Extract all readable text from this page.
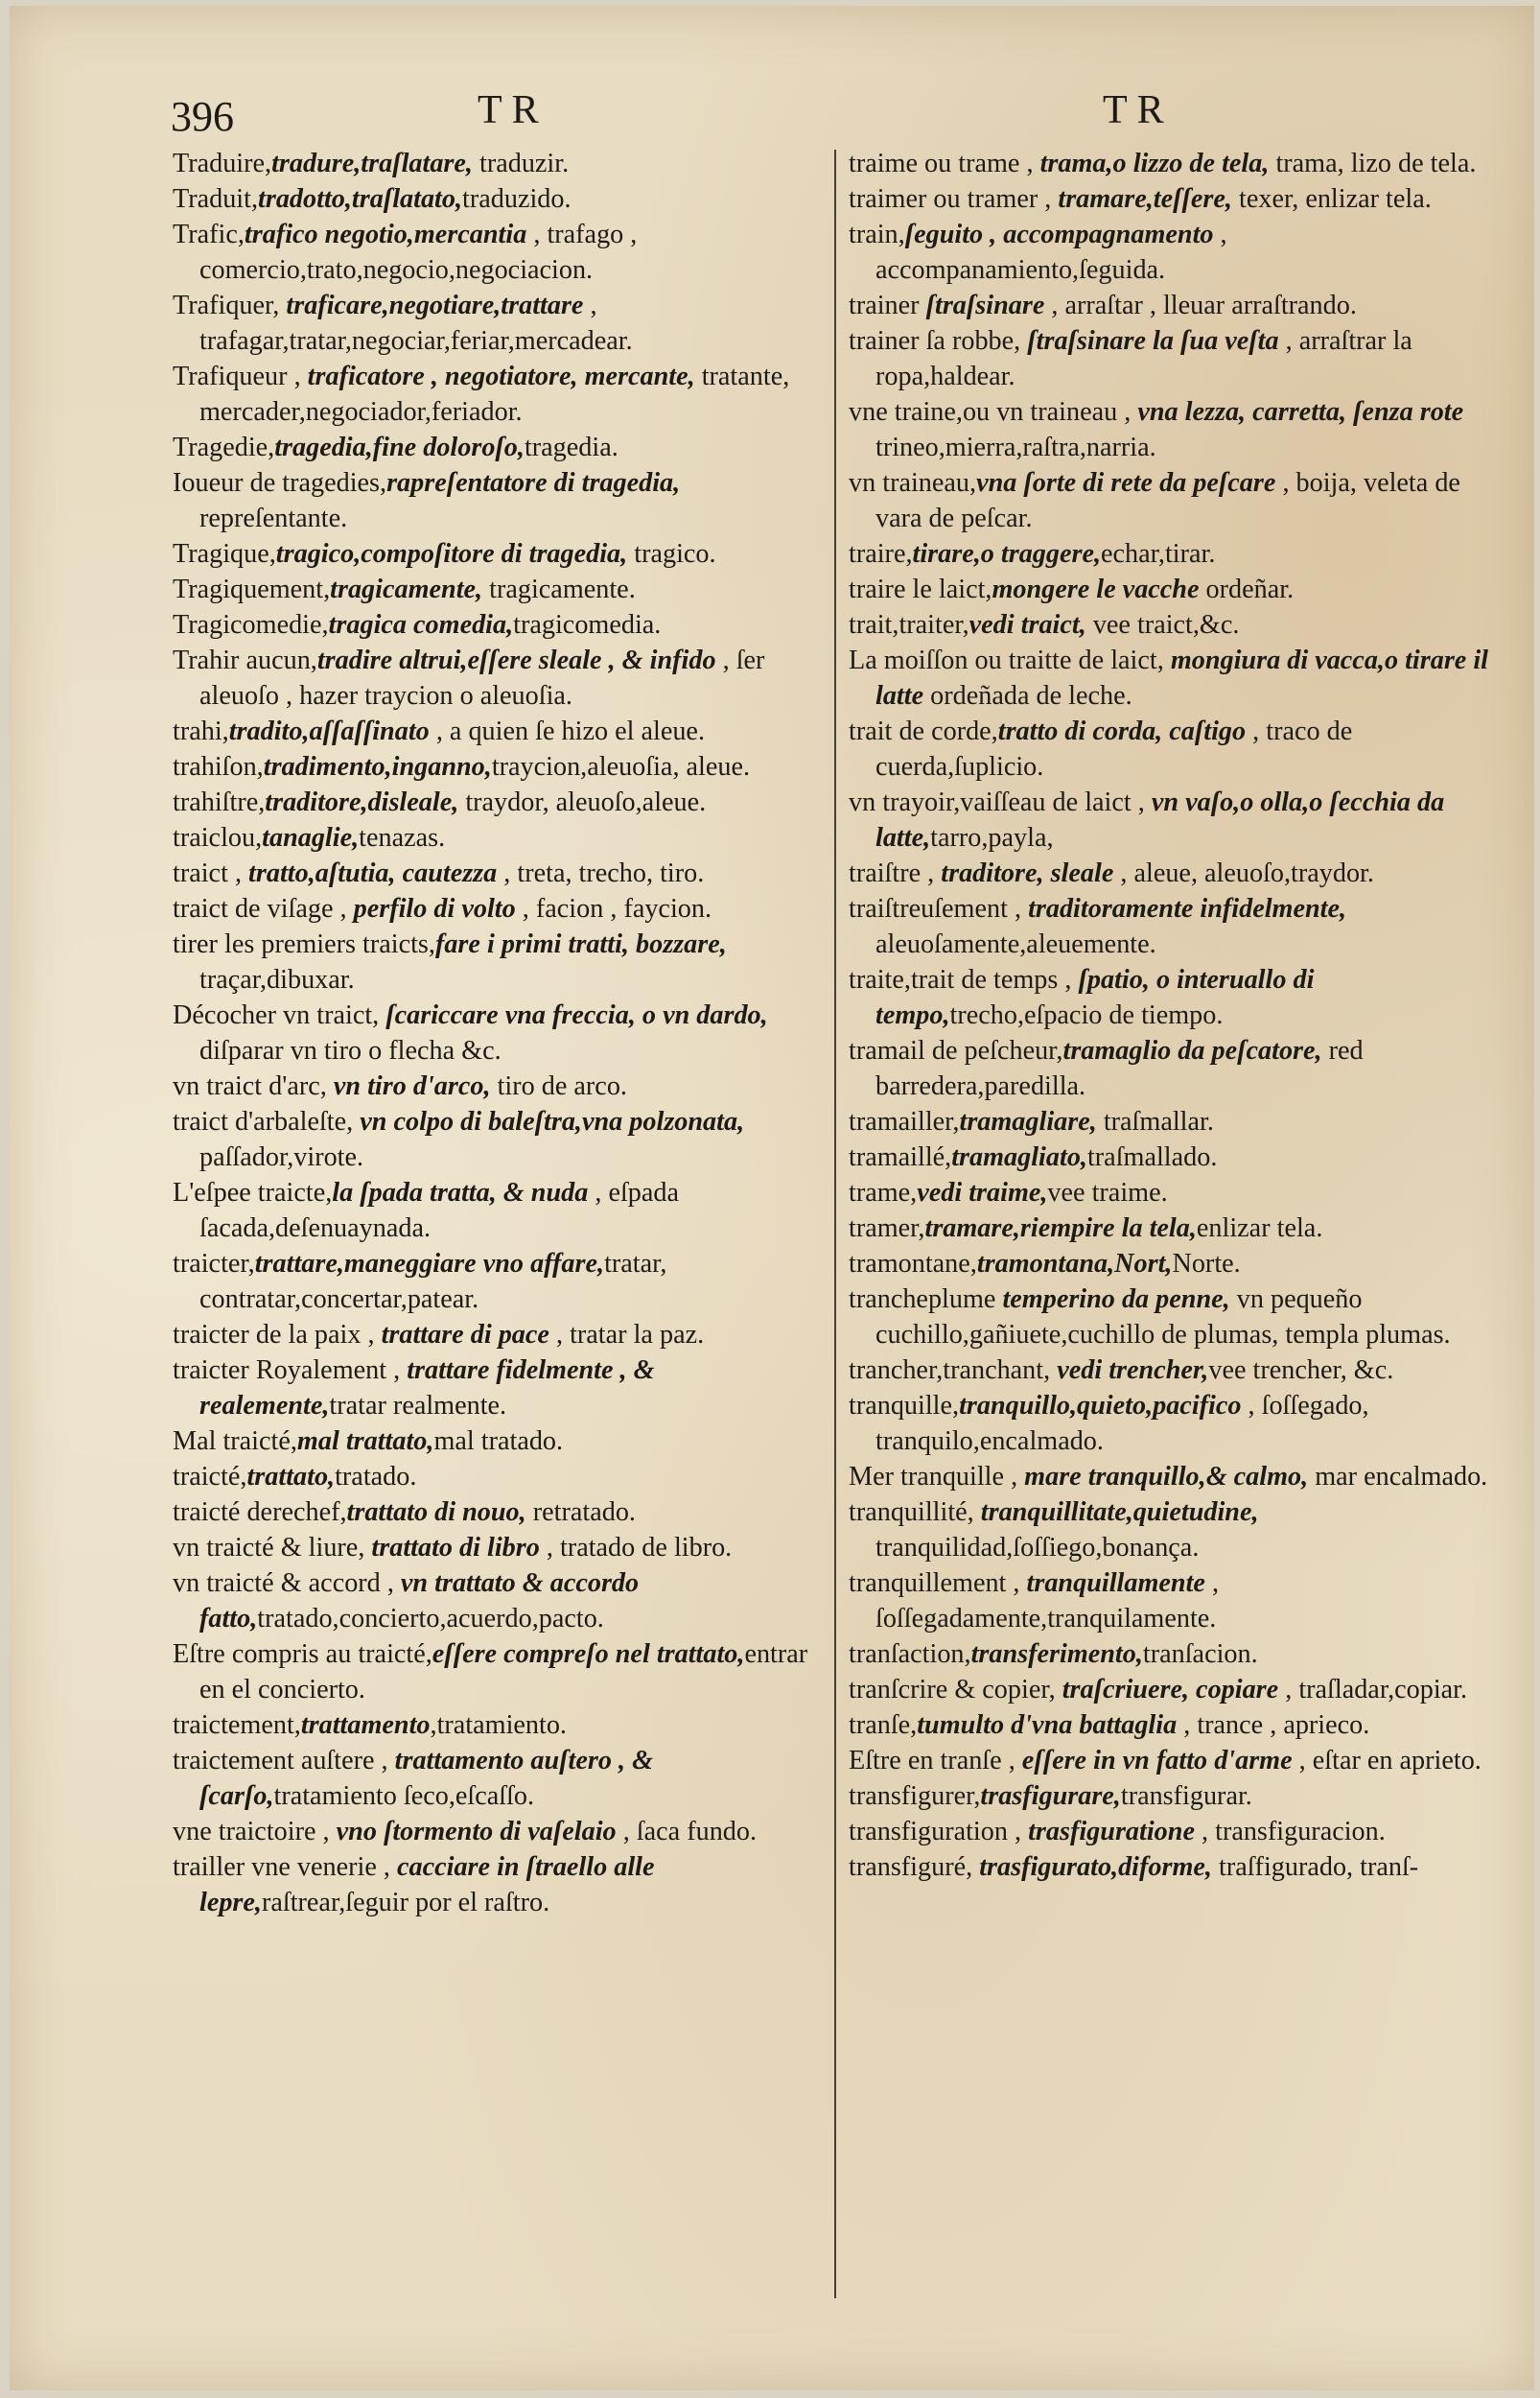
396	TR	TR

Traduire,tradure,traſlatare, traduzir.

Traduit,tradotto,traſlatato,traduzido.

Trafic,trafico negotio,mercantia , trafago , comercio,trato,negocio,negociacion.

Trafiquer, traficare,negotiare,trattare , trafagar,tratar,negociar,feriar,mercadear.

Trafiqueur , traficatore , negotiatore, mercante, tratante, mercader,negociador,feriador.

Tragedie,tragedia,fine doloroſo,tragedia.

Ioueur de tragedies,rapreſentatore di tragedia, repreſentante.

Tragique,tragico,compoſitore di tragedia, tragico.

Tragiquement,tragicamente, tragicamente.

Tragicomedie,tragica comedia,tragicomedia.

Trahir aucun,tradire altrui,eſſere sleale , & infido , ſer aleuoſo , hazer traycion o aleuoſia.

trahi,tradito,aſſaſſinato , a quien ſe hizo el aleue.

trahiſon,tradimento,inganno,traycion,aleuoſia, aleue.

trahiſtre,traditore,disleale, traydor, aleuoſo,aleue.

traiclou,tanaglie,tenazas.

traict , tratto,aſtutia, cautezza , treta, trecho, tiro.

traict de viſage , perfilo di volto , facion , faycion.

tirer les premiers traicts,fare i primi tratti, bozzare, traçar,dibuxar.

Décocher vn traict, ſcariccare vna freccia, o vn dardo, diſparar vn tiro o flecha &c.

vn traict d'arc, vn tiro d'arco, tiro de arco.

traict d'arbaleſte, vn colpo di baleſtra,vna polzonata, paſſador,virote.

L'eſpee traicte,la ſpada tratta, & nuda , eſpada ſacada,deſenuaynada.

traicter,trattare,maneggiare vno affare,tratar, contratar,concertar,patear.

traicter de la paix , trattare di pace , tratar la paz.

traicter Royalement , trattare fidelmente , & realemente,tratar realmente.

Mal traicté,mal trattato,mal tratado.

traicté,trattato,tratado.

traicté derechef,trattato di nouo, retratado.

vn traicté & liure, trattato di libro , tratado de libro.

vn traicté & accord , vn trattato & accordo fatto,tratado,concierto,acuerdo,pacto.

Eſtre compris au traicté,eſſere compreſo nel trattato,entrar en el concierto.

traictement,trattamento,tratamiento.

traictement auſtere , trattamento auſtero , & ſcarſo,tratamiento ſeco,eſcaſſo.

vne traictoire , vno ſtormento di vaſelaio , ſaca fundo.

trailler vne venerie , cacciare in ſtraello alle lepre,raſtrear,ſeguir por el raſtro.

traime ou trame , trama,o lizzo de tela, trama, lizo de tela.

traimer ou tramer , tramare,teſſere, texer, enlizar tela.

train,ſeguito , accompagnamento , accompanamiento,ſeguida.

trainer ſtraſsinare , arraſtar , lleuar arraſtrando.

trainer ſa robbe, ſtraſsinare la ſua veſta , arraſtrar la ropa,haldear.

vne traine,ou vn traineau , vna lezza, carretta, ſenza rote trineo,mierra,raſtra,narria.

vn traineau,vna ſorte di rete da peſcare , boija, veleta de vara de peſcar.

traire,tirare,o traggere,echar,tirar.

traire le laict,mongere le vacche ordeñar.

trait,traiter,vedi traict, vee traict,&c.

La moiſſon ou traitte de laict, mongiura di vacca,o tirare il latte ordeñada de leche.

trait de corde,tratto di corda, caſtigo , traco de cuerda,ſuplicio.

vn trayoir,vaiſſeau de laict , vn vaſo,o olla,o ſecchia da latte,tarro,payla,

traiſtre , traditore, sleale , aleue, aleuoſo,traydor.

traiſtreuſement , traditoramente infidelmente, aleuoſamente,aleuemente.

traite,trait de temps , ſpatio, o interuallo di tempo,trecho,eſpacio de tiempo.

tramail de peſcheur,tramaglio da peſcatore, red barredera,paredilla.

tramailler,tramagliare, traſmallar.

tramaillé,tramagliato,traſmallado.

trame,vedi traime,vee traime.

tramer,tramare,riempire la tela,enlizar tela.

tramontane,tramontana,Nort,Norte.

trancheplume temperino da penne, vn pequeño cuchillo,gañiuete,cuchillo de plumas, templa plumas.

trancher,tranchant, vedi trencher,vee trencher, &c.

tranquille,tranquillo,quieto,pacifico , ſoſſegado, tranquilo,encalmado.

Mer tranquille , mare tranquillo,& calmo, mar encalmado.

tranquillité, tranquillitate,quietudine, tranquilidad,ſoſſiego,bonança.

tranquillement , tranquillamente , ſoſſegadamente,tranquilamente.

tranſaction,transferimento,tranſacion.

tranſcrire & copier, traſcriuere, copiare , traſladar,copiar.

tranſe,tumulto d'vna battaglia , trance , aprieco.

Eſtre en tranſe , eſſere in vn fatto d'arme , eſtar en aprieto.

transfigurer,trasfigurare,transfigurar.

transfiguration , trasfiguratione , transfiguracion.

transfiguré, trasfigurato,diforme, traſfigurado, tranſ-
